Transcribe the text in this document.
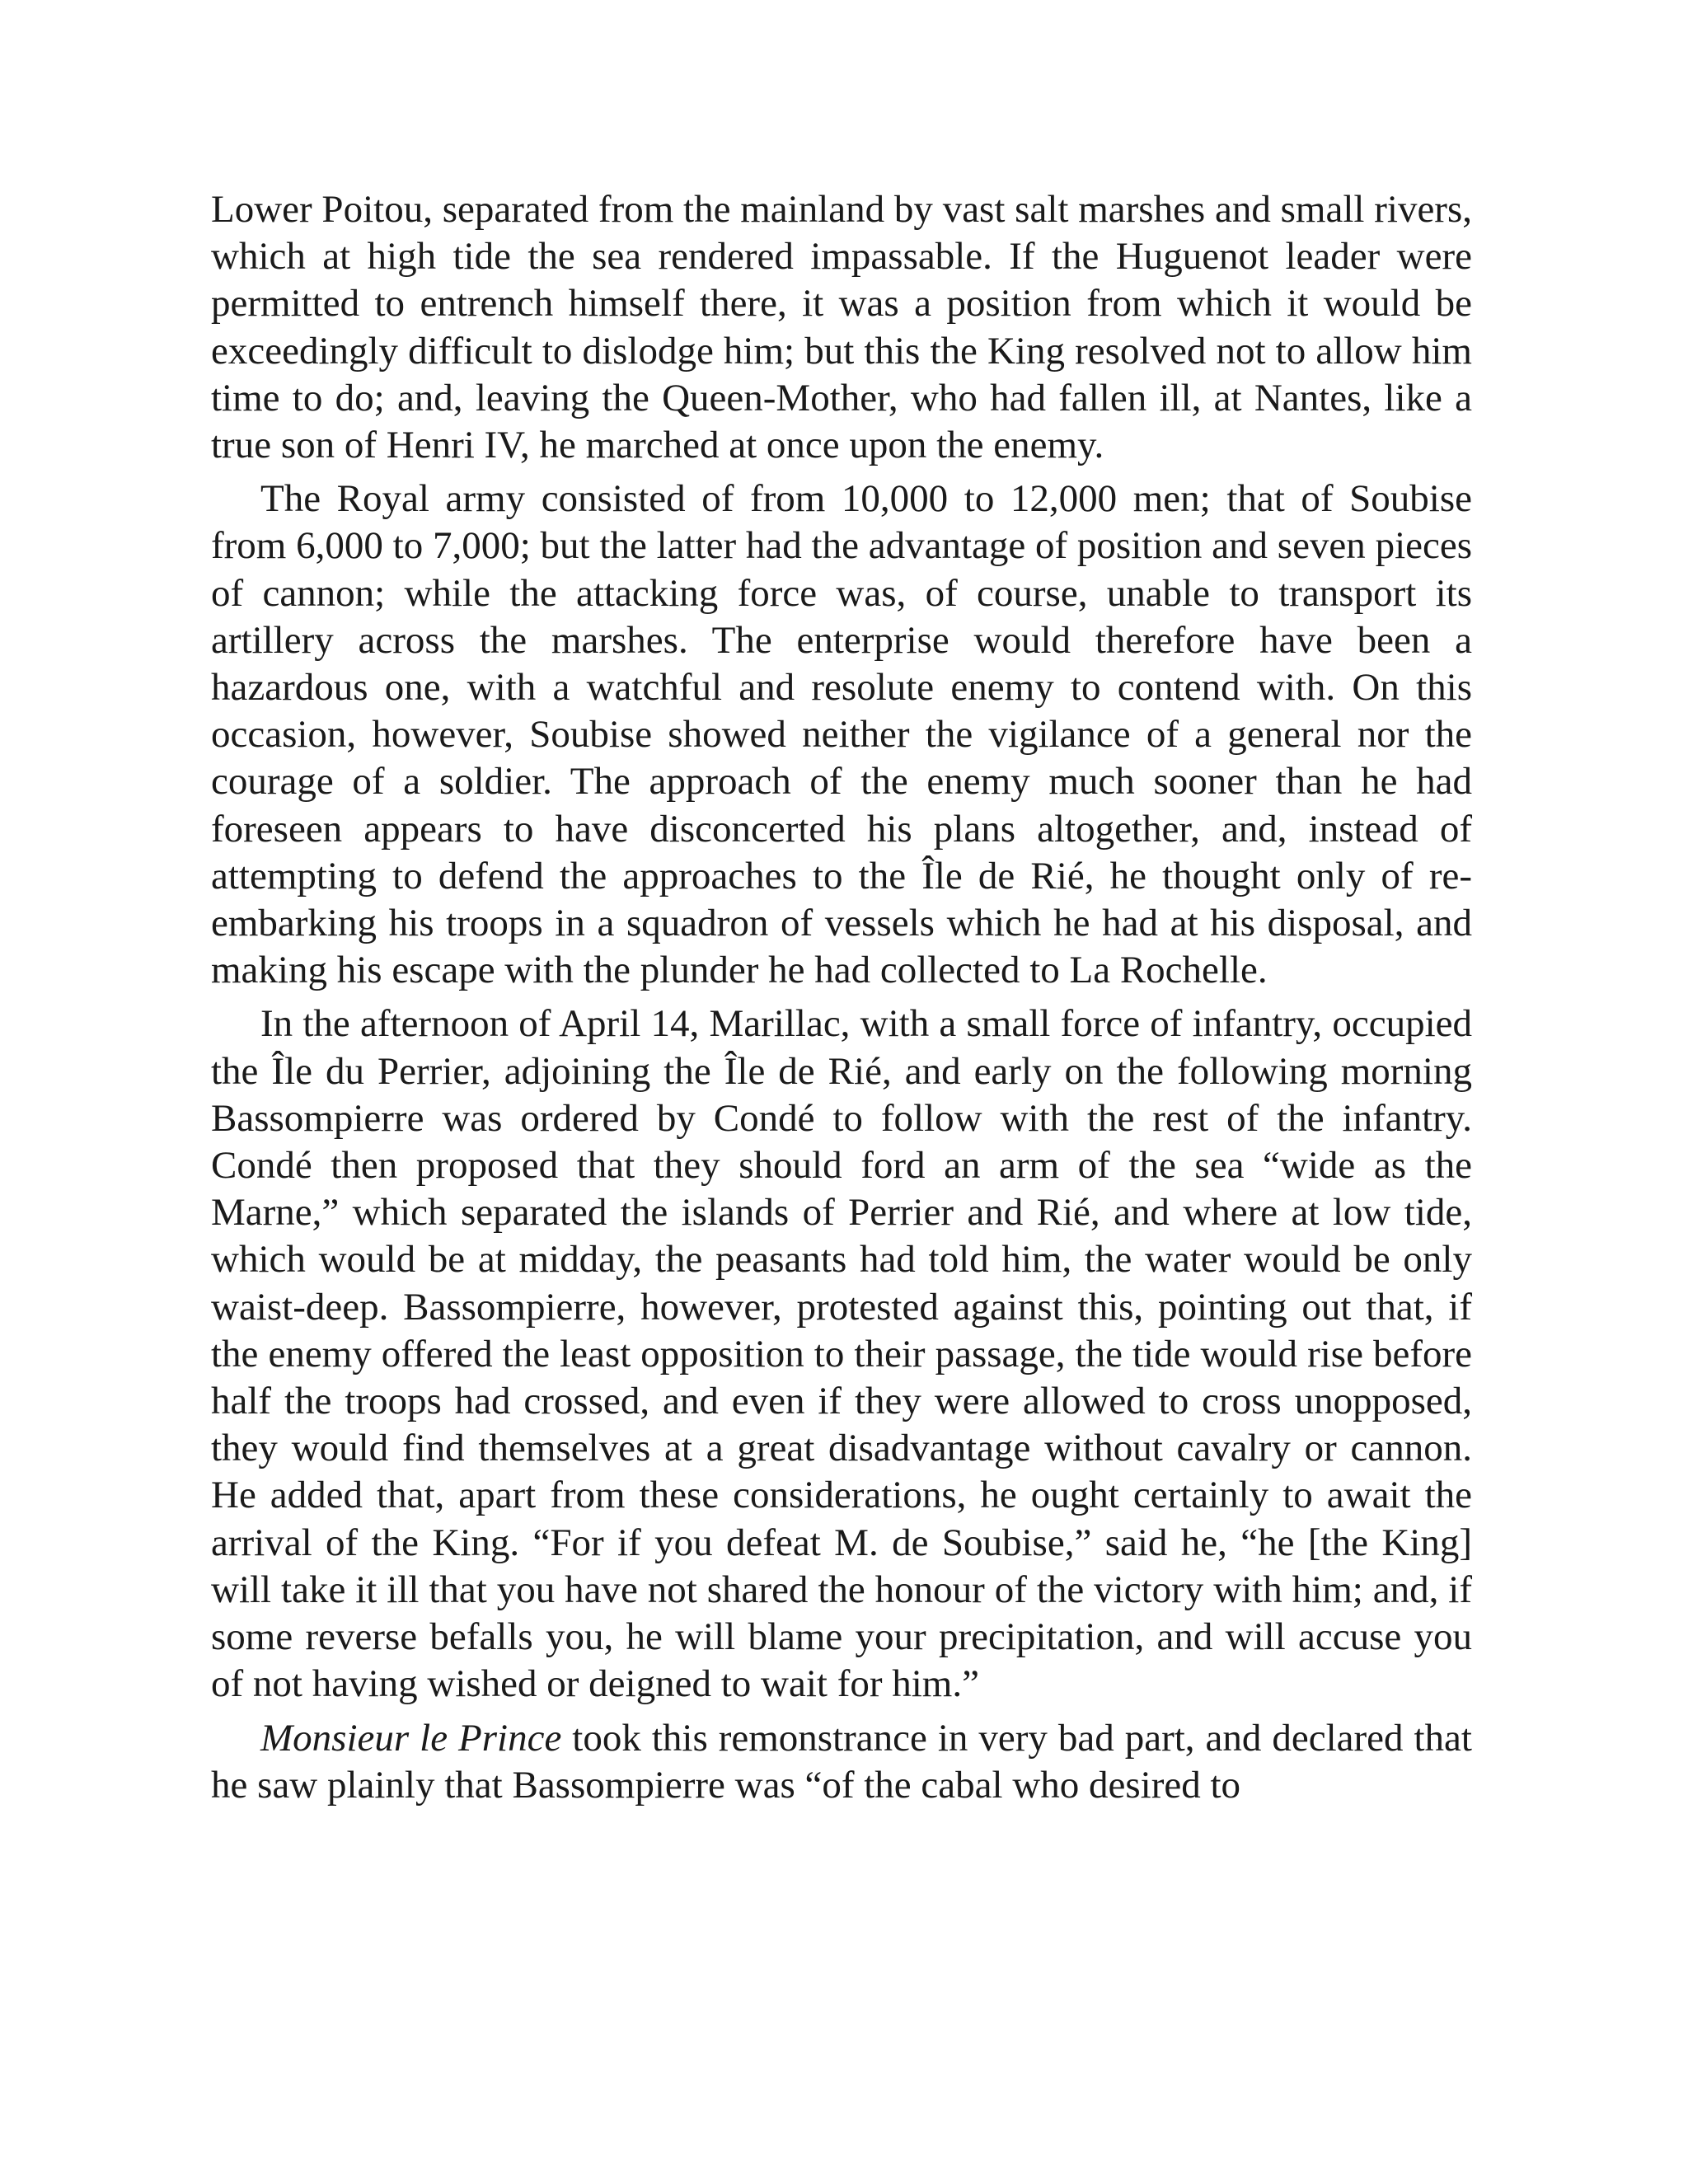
Lower Poitou, separated from the mainland by vast salt marshes and small rivers, which at high tide the sea rendered impassable. If the Huguenot leader were permitted to entrench himself there, it was a position from which it would be exceedingly difficult to dislodge him; but this the King resolved not to allow him time to do; and, leaving the Queen-Mother, who had fallen ill, at Nantes, like a true son of Henri IV, he marched at once upon the enemy.

The Royal army consisted of from 10,000 to 12,000 men; that of Soubise from 6,000 to 7,000; but the latter had the advantage of position and seven pieces of cannon; while the attacking force was, of course, unable to transport its artillery across the marshes. The enterprise would therefore have been a hazardous one, with a watchful and resolute enemy to contend with. On this occasion, however, Soubise showed neither the vigilance of a general nor the courage of a soldier. The approach of the enemy much sooner than he had foreseen appears to have disconcerted his plans altogether, and, instead of attempting to defend the approaches to the Île de Rié, he thought only of re-embarking his troops in a squadron of vessels which he had at his disposal, and making his escape with the plunder he had collected to La Rochelle.

In the afternoon of April 14, Marillac, with a small force of infantry, occupied the Île du Perrier, adjoining the Île de Rié, and early on the following morning Bassompierre was ordered by Condé to follow with the rest of the infantry. Condé then proposed that they should ford an arm of the sea “wide as the Marne,” which separated the islands of Perrier and Rié, and where at low tide, which would be at midday, the peasants had told him, the water would be only waist-deep. Bassompierre, however, protested against this, pointing out that, if the enemy offered the least opposition to their passage, the tide would rise before half the troops had crossed, and even if they were allowed to cross unopposed, they would find themselves at a great disadvantage without cavalry or cannon. He added that, apart from these considerations, he ought certainly to await the arrival of the King. “For if you defeat M. de Soubise,” said he, “he [the King] will take it ill that you have not shared the honour of the victory with him; and, if some reverse befalls you, he will blame your precipitation, and will accuse you of not having wished or deigned to wait for him.”

Monsieur le Prince took this remonstrance in very bad part, and declared that he saw plainly that Bassompierre was “of the cabal who desired to
